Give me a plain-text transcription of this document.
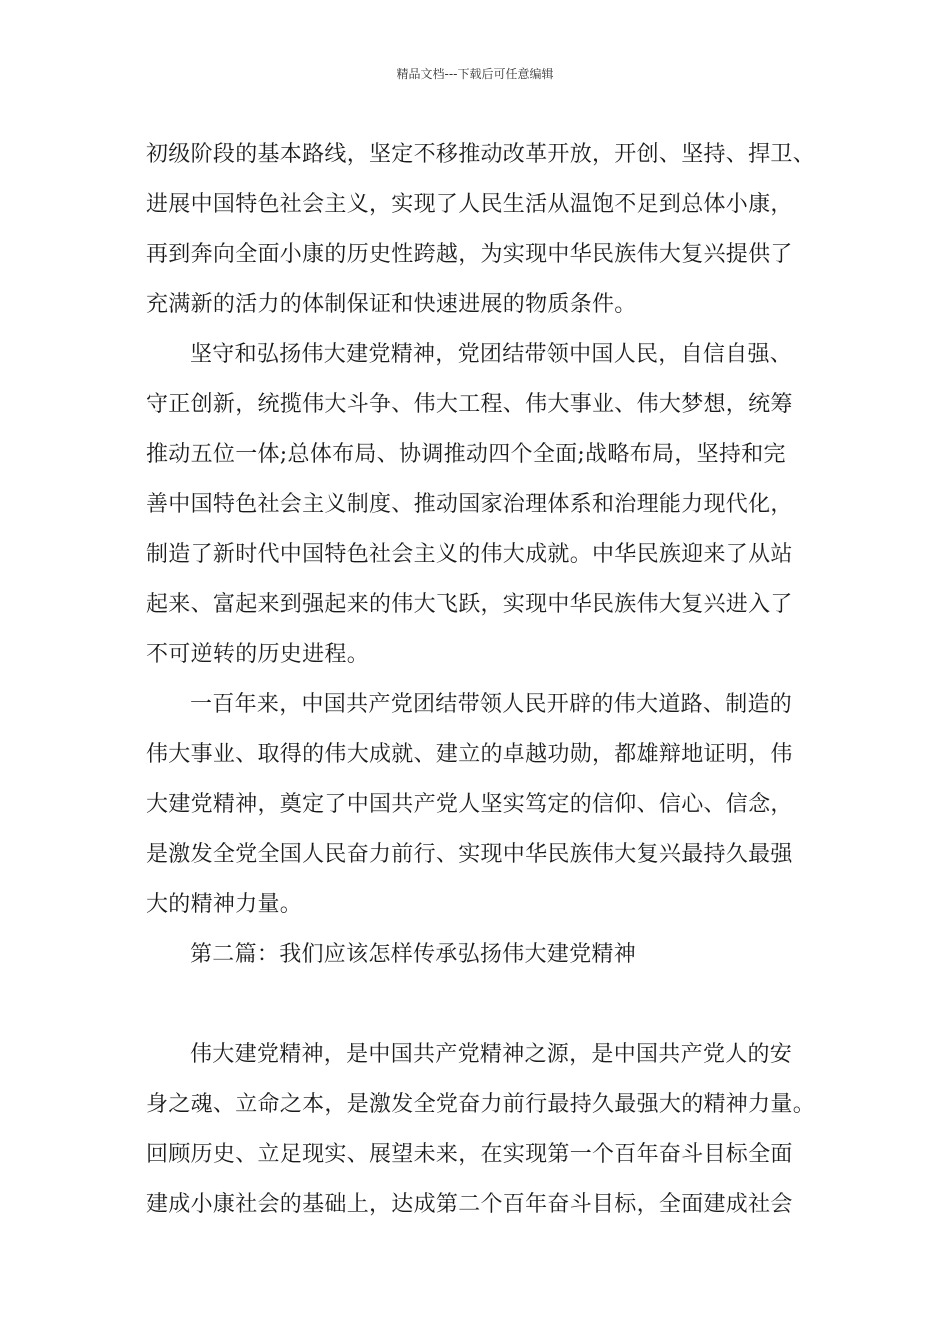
精品文档---下载后可任意编辑
初级阶段的基本路线，坚定不移推动改革开放，开创、坚持、捍卫、
进展中国特色社会主义，实现了人民生活从温饱不足到总体小康，
再到奔向全面小康的历史性跨越，为实现中华民族伟大复兴提供了
充满新的活力的体制保证和快速进展的物质条件。
坚守和弘扬伟大建党精神，党团结带领中国人民，自信自强、
守正创新，统揽伟大斗争、伟大工程、伟大事业、伟大梦想，统筹
推动五位一体;总体布局、协调推动四个全面;战略布局，坚持和完
善中国特色社会主义制度、推动国家治理体系和治理能力现代化，
制造了新时代中国特色社会主义的伟大成就。中华民族迎来了从站
起来、富起来到强起来的伟大飞跃，实现中华民族伟大复兴进入了
不可逆转的历史进程。
一百年来，中国共产党团结带领人民开辟的伟大道路、制造的
伟大事业、取得的伟大成就、建立的卓越功勋，都雄辩地证明，伟
大建党精神，奠定了中国共产党人坚实笃定的信仰、信心、信念，
是激发全党全国人民奋力前行、实现中华民族伟大复兴最持久最强
大的精神力量。
第二篇：我们应该怎样传承弘扬伟大建党精神
伟大建党精神，是中国共产党精神之源，是中国共产党人的安
身之魂、立命之本，是激发全党奋力前行最持久最强大的精神力量。
回顾历史、立足现实、展望未来，在实现第一个百年奋斗目标全面
建成小康社会的基础上，达成第二个百年奋斗目标，全面建成社会
